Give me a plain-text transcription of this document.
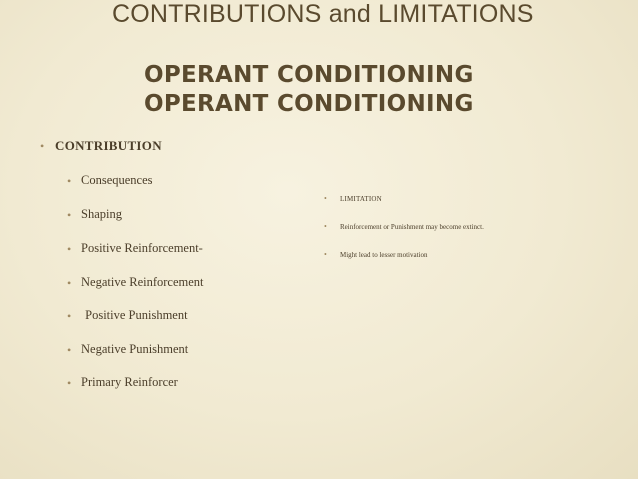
CONTRIBUTIONS and LIMITATIONS
OPERANT CONDITIONING
OPERANT CONDITIONING
• CONTRIBUTION
• Consequences
• Shaping
• Positive Reinforcement-
• Negative Reinforcement
• Positive Punishment
• Negative Punishment
• Primary Reinforcer
• LIMITATION
• Reinforcement or Punishment may become extinct.
• Might lead to lesser motivation
